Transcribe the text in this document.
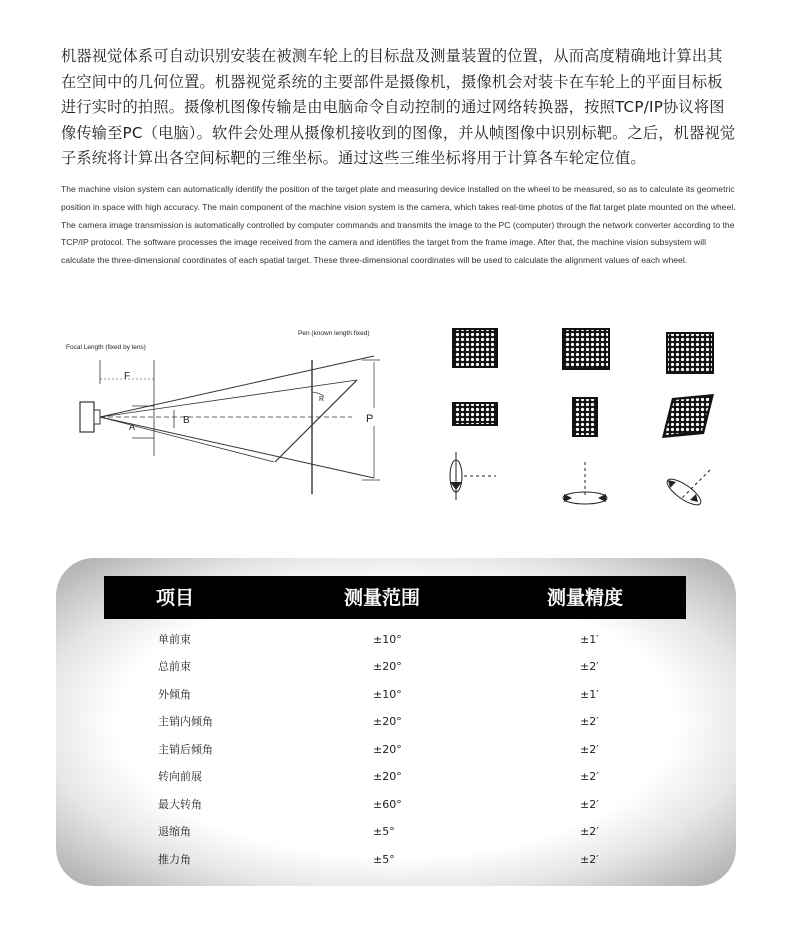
机器视觉体系可自动识别安装在被测车轮上的目标盘及测量装置的位置，从而高度精确地计算出其在空间中的几何位置。机器视觉系统的主要部件是摄像机，摄像机会对装卡在车轮上的平面目标板进行实时的拍照。摄像机图像传输是由电脑命令自动控制的通过网络转换器，按照TCP/IP协议将图像传输至PC（电脑）。软件会处理从摄像机接收到的图像，并从帧图像中识别标靶。之后，机器视觉子系统将计算出各空间标靶的三维坐标。通过这些三维坐标将用于计算各车轮定位值。

The machine vision system can automatically identify the position of the target plate and measuring device installed on the wheel to be measured, so as to calculate its geometric position in space with high accuracy. The main component of the machine vision system is the camera, which takes real-time photos of the flat target plate mounted on the wheel. The camera image transmission is automatically controlled by computer commands and transmits the image to the PC (computer) through the network converter according to the TCP/IP protocol. The software processes the image received from the camera and identifies the target from the frame image. After that, the machine vision subsystem will calculate the three-dimensional coordinates of each spatial target. These three-dimensional coordinates will be used to calculate the alignment values of each wheel.

Focal Length (fixed by lens)
Pen (known length fixed)
F
A
B
R
P
项目	测量范围	测量精度
单前束	±10°	±1′
总前束	±20°	±2′
外倾角	±10°	±1′
主销内倾角	±20°	±2′
主销后倾角	±20°	±2′
转向前展	±20°	±2′
最大转角	±60°	±2′
退缩角	±5°	±2′
推力角	±5°	±2′
